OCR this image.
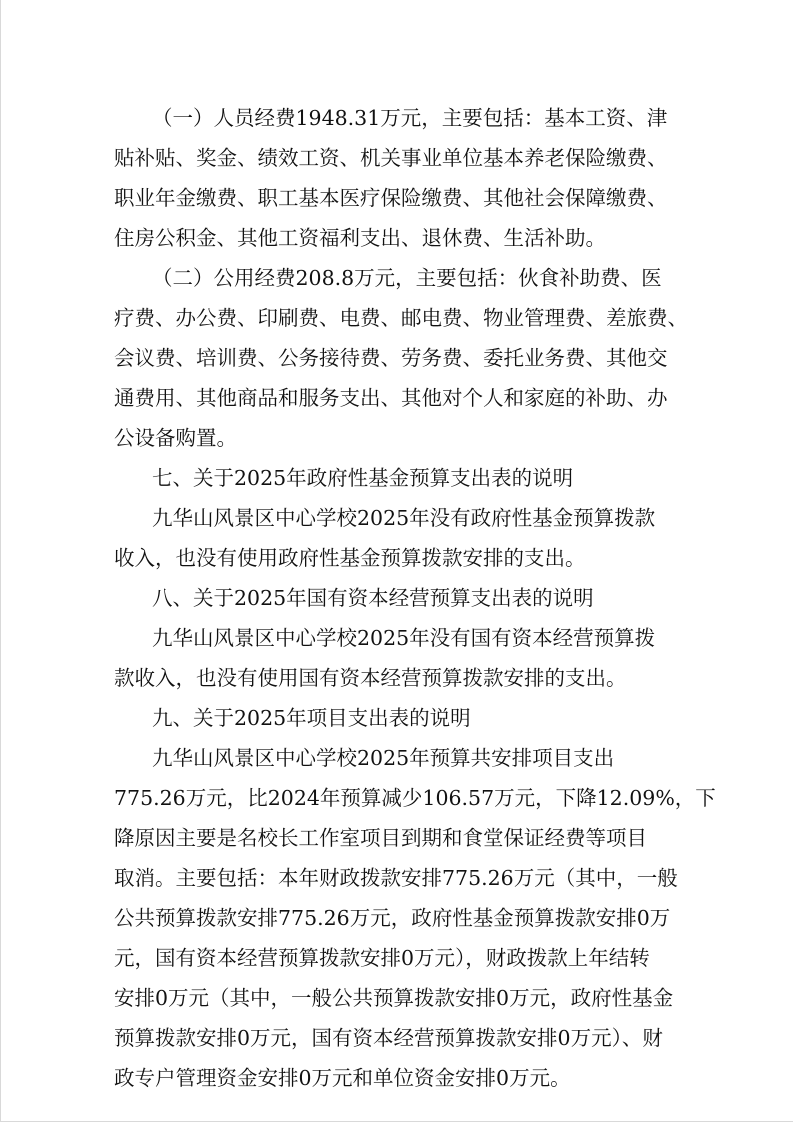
（一）人员经费1948.31万元，主要包括：基本工资、津
贴补贴、奖金、绩效工资、机关事业单位基本养老保险缴费、
职业年金缴费、职工基本医疗保险缴费、其他社会保障缴费、
住房公积金、其他工资福利支出、退休费、生活补助。
（二）公用经费208.8万元，主要包括：伙食补助费、医
疗费、办公费、印刷费、电费、邮电费、物业管理费、差旅费、
会议费、培训费、公务接待费、劳务费、委托业务费、其他交
通费用、其他商品和服务支出、其他对个人和家庭的补助、办
公设备购置。
七、关于2025年政府性基金预算支出表的说明
九华山风景区中心学校2025年没有政府性基金预算拨款
收入，也没有使用政府性基金预算拨款安排的支出。
八、关于2025年国有资本经营预算支出表的说明
九华山风景区中心学校2025年没有国有资本经营预算拨
款收入，也没有使用国有资本经营预算拨款安排的支出。
九、关于2025年项目支出表的说明
九华山风景区中心学校2025年预算共安排项目支出
775.26万元，比2024年预算减少106.57万元，下降12.09%，下
降原因主要是名校长工作室项目到期和食堂保证经费等项目
取消。主要包括：本年财政拨款安排775.26万元（其中，一般
公共预算拨款安排775.26万元，政府性基金预算拨款安排0万
元，国有资本经营预算拨款安排0万元），财政拨款上年结转
安排0万元（其中，一般公共预算拨款安排0万元，政府性基金
预算拨款安排0万元，国有资本经营预算拨款安排0万元）、财
政专户管理资金安排0万元和单位资金安排0万元。
